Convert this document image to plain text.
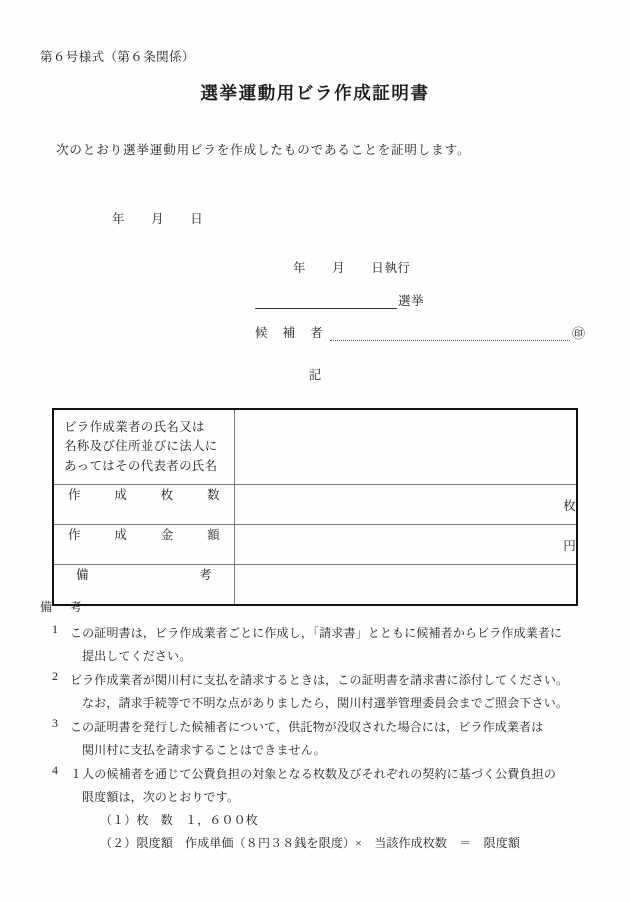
第６号様式（第６条関係）
選挙運動用ビラ作成証明書
次のとおり選挙運動用ビラを作成したものであることを証明します。
年 月 日
年 月 日執行
選挙
候 補 者	㊞
記
ビラ作成業者の氏名又は
名称及び住所並びに法人に
あってはその代表者の氏名	

作 成 枚 数	枚

作 成 金 額	円

備 考	

備　考
1	この証明書は，ビラ作成業者ごとに作成し，「請求書」とともに候補者からビラ作成業者に
提出してください。
2	ビラ作成業者が関川村に支払を請求するときは，この証明書を請求書に添付してください。
なお，請求手続等で不明な点がありましたら，関川村選挙管理委員会までご照会下さい。
3	この証明書を発行した候補者について，供託物が没収された場合には，ビラ作成業者は
関川村に支払を請求することはできません。
4	１人の候補者を通じて公費負担の対象となる枚数及びそれぞれの契約に基づく公費負担の
限度額は，次のとおりです。
（１）枚　数　１，６００枚
（２）限度額　作成単価（８円３８銭を限度）×　当該作成枚数　＝　限度額
